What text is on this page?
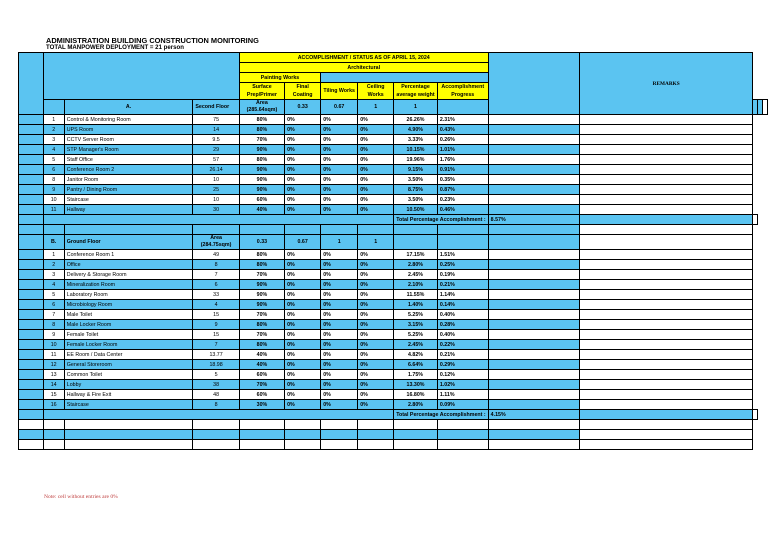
ADMINISTRATION BUILDING CONSTRUCTION MONITORING
TOTAL MANPOWER DEPLOYMENT = 21 person
				ACCOMPLISHMENT / STATUS AS OF APRIL 15, 2024							REMARKS			
				Architectural										
				Painting Works										
				Surface Prep/Primer	Final Coating	Tiling Works	Ceiling Works	Percentage average weight	Accomplishment Progress					
		A.	Second Floor	Area (285.64sqm)	0.33	0.67	1	1						
	1	Control & Monitoring Room	75	80%	0%	0%	0%	26.26%	2.31%					
	2	UPS Room	14	80%	0%	0%	0%	4.90%	0.43%					
	3	CCTV Server Room	9.5	70%	0%	0%	0%	3.33%	0.26%					
	4	STP Manager's Room	29	90%	0%	0%	0%	10.15%	1.01%					
	5	Staff Office	57	80%	0%	0%	0%	19.96%	1.76%					
	6	Conference Room 2	26.14	90%	0%	0%	0%	9.15%	0.91%					
	8	Janitor Room	10	90%	0%	0%	0%	3.50%	0.35%					
	9	Pantry / Dining Room	25	90%	0%	0%	0%	8.75%	0.87%					
	10	Staircase	10	60%	0%	0%	0%	3.50%	0.23%					
	11	Hallway	30	40%	0%	0%	0%	10.50%	0.46%					
								Total Percentage Accomplishment :		8.57%				

	B.	Ground Floor	Area (284.75sqm)	0.33	0.67	1	1							
	1	Conference Room 1	49	80%	0%	0%	0%	17.15%	1.51%					
	2	Office	8	80%	0%	0%	0%	2.80%	0.25%					
	3	Delivery & Storage Room	7	70%	0%	0%	0%	2.45%	0.19%					
	4	Mineralization Room	6	90%	0%	0%	0%	2.10%	0.21%					
	5	Laboratory Room	33	90%	0%	0%	0%	11.55%	1.14%					
	6	Microbiology Room	4	90%	0%	0%	0%	1.40%	0.14%					
	7	Male Toilet	15	70%	0%	0%	0%	5.25%	0.40%					
	8	Male Locker Room	9	80%	0%	0%	0%	3.15%	0.28%					
	9	Female Toilet	15	70%	0%	0%	0%	5.25%	0.40%					
	10	Female Locker Room	7	80%	0%	0%	0%	2.45%	0.22%					
	11	EE Room / Data Center	13.77	40%	0%	0%	0%	4.82%	0.21%					
	12	General Storeroom	18.98	40%	0%	0%	0%	6.64%	0.29%					
	13	Common Toilet	5	60%	0%	0%	0%	1.75%	0.12%					
	14	Lobby	38	70%	0%	0%	0%	13.30%	1.02%					
	15	Hallway & Fire Exit	48	60%	0%	0%	0%	16.80%	1.11%					
	16	Staircase	8	30%	0%	0%	0%	2.80%	0.09%					
								Total Percentage Accomplishment :		4.15%				

Note: cell without entries are 0%
